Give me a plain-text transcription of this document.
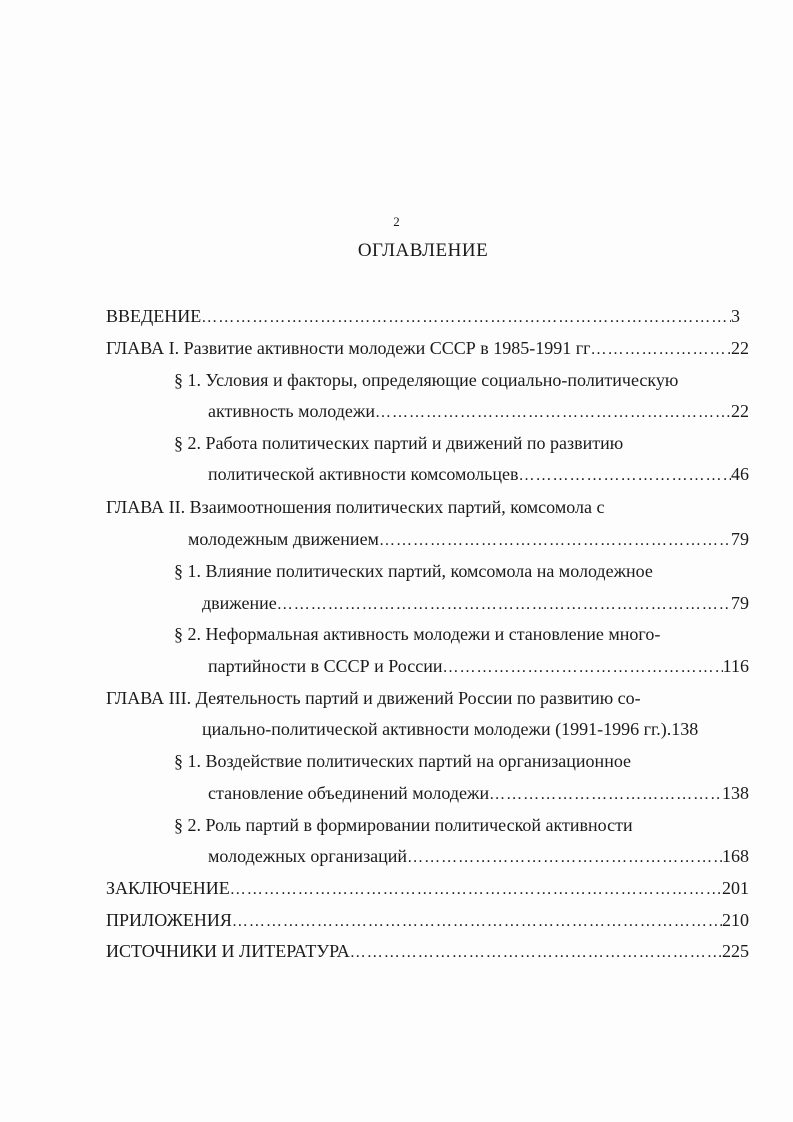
2
ОГЛАВЛЕНИЕ
ВВЕДЕНИЕ ……………………………………………………………………………………………………………………………………………………	3
ГЛАВА I. Развитие активности молодежи СССР в 1985-1991 гг ……………………………………………………………………………………………………………………………………………………	22
§ 1. Условия и факторы, определяющие социально-политическую
активность молодежи ……………………………………………………………………………………………………………………………………………………	22
§ 2. Работа политических партий и движений по развитию
политической активности комсомольцев ……………………………………………………………………………………………………………………………………………………	46
ГЛАВА II. Взаимоотношения политических партий, комсомола с
молодежным движением ……………………………………………………………………………………………………………………………………………………	79
§ 1. Влияние политических партий, комсомола на молодежное
движение ……………………………………………………………………………………………………………………………………………………	79
§ 2. Неформальная активность молодежи и становление много-
партийности в СССР и России ……………………………………………………………………………………………………………………………………………………	116
ГЛАВА III. Деятельность партий и движений России по развитию со-
циально-политической активности молодежи (1991-1996 гг.).138
§ 1. Воздействие политических партий на организационное
становление объединений молодежи ……………………………………………………………………………………………………………………………………………………	138
§ 2. Роль партий в формировании политической активности
молодежных организаций ……………………………………………………………………………………………………………………………………………………	168
ЗАКЛЮЧЕНИЕ ……………………………………………………………………………………………………………………………………………………	201
ПРИЛОЖЕНИЯ ……………………………………………………………………………………………………………………………………………………	210
ИСТОЧНИКИ И ЛИТЕРАТУРА ……………………………………………………………………………………………………………………………………………………	225
